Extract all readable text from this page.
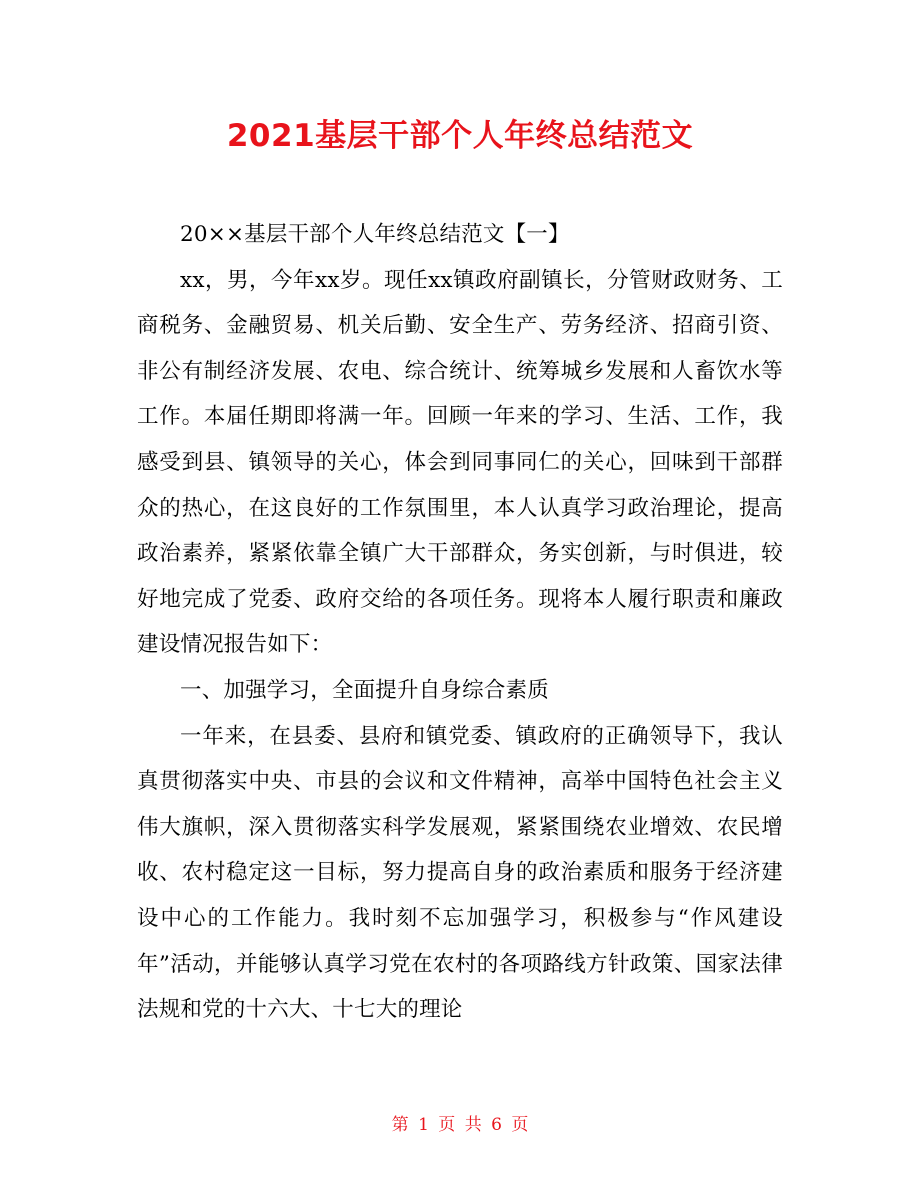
2021基层干部个人年终总结范文

20××基层干部个人年终总结范文【一】

xx，男，今年xx岁。现任xx镇政府副镇长，分管财政财务、工商税务、金融贸易、机关后勤、安全生产、劳务经济、招商引资、非公有制经济发展、农电、综合统计、统筹城乡发展和人畜饮水等工作。本届任期即将满一年。回顾一年来的学习、生活、工作，我感受到县、镇领导的关心，体会到同事同仁的关心，回味到干部群众的热心，在这良好的工作氛围里，本人认真学习政治理论，提高政治素养，紧紧依靠全镇广大干部群众，务实创新，与时俱进，较好地完成了党委、政府交给的各项任务。现将本人履行职责和廉政建设情况报告如下：

一、加强学习，全面提升自身综合素质

一年来，在县委、县府和镇党委、镇政府的正确领导下，我认真贯彻落实中央、市县的会议和文件精神，高举中国特色社会主义伟大旗帜，深入贯彻落实科学发展观，紧紧围绕农业增效、农民增收、农村稳定这一目标，努力提高自身的政治素质和服务于经济建设中心的工作能力。我时刻不忘加强学习，积极参与“作风建设年”活动，并能够认真学习党在农村的各项路线方针政策、国家法律法规和党的十六大、十七大的理论

第 1 页 共 6 页
